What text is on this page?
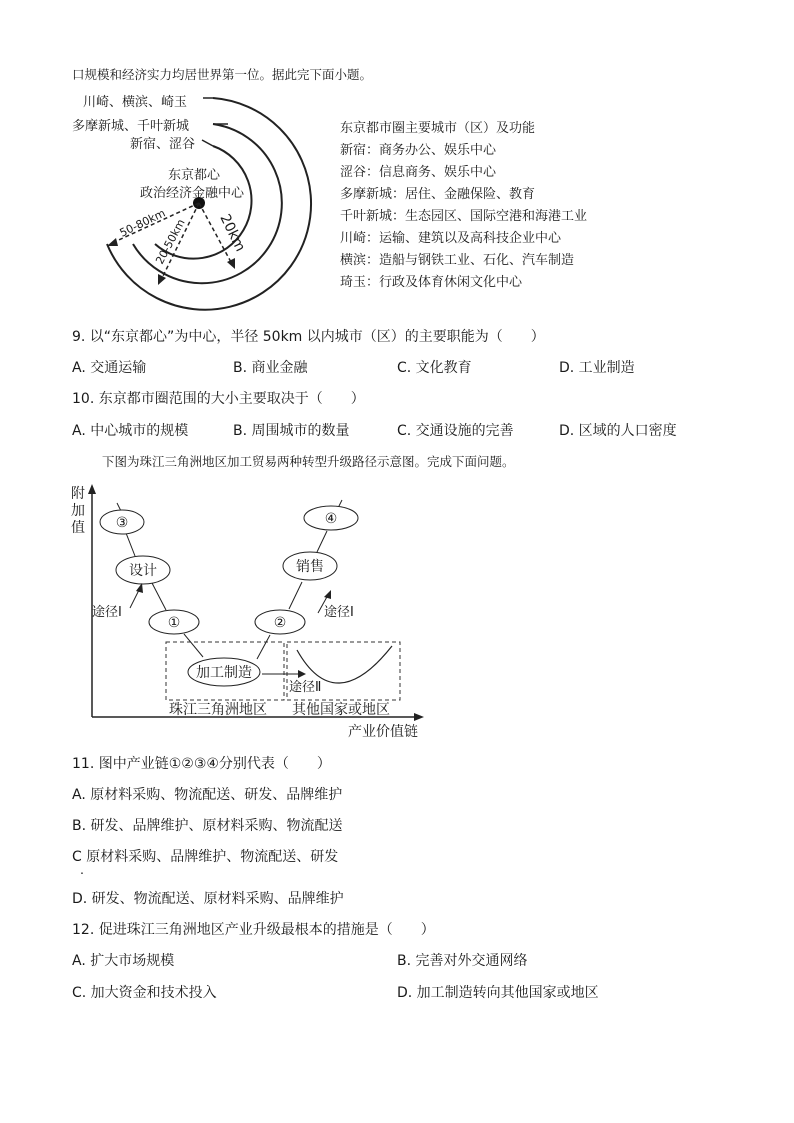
口规模和经济实力均居世界第一位。据此完下面小题。
50-80km
20-50km 20km
川崎、横滨、崎玉
多摩新城、千叶新城
新宿、涩谷
东京都心
政治经济金融中心
东京都市圈主要城市（区）及功能
新宿：商务办公、娱乐中心
涩谷：信息商务、娱乐中心
多摩新城：居住、金融保险、教育
千叶新城：生态园区、国际空港和海港工业
川崎：运输、建筑以及高科技企业中心
横滨：造船与钢铁工业、石化、汽车制造
琦玉：行政及体育休闲文化中心
9. 以“东京都心”为中心，半径 50km 以内城市（区）的主要职能为（　　）
A. 交通运输	B. 商业金融	C. 文化教育	D. 工业制造
10. 东京都市圈范围的大小主要取决于（　　）
A. 中心城市的规模	B. 周围城市的数量	C. 交通设施的完善	D. 区域的人口密度
下图为珠江三角洲地区加工贸易两种转型升级路径示意图。完成下面问题。
附
加
值
产业价值链
③
设计
①
加工制造
②
销售
④
途径Ⅰ	途径Ⅰ
途径Ⅱ
珠江三角洲地区 其他国家或地区
11. 图中产业链①②③④分别代表（　　）
A. 原材料采购、物流配送、研发、品牌维护
B. 研发、品牌维护、原材料采购、物流配送
C 原材料采购、品牌维护、物流配送、研发
.
D. 研发、物流配送、原材料采购、品牌维护
12. 促进珠江三角洲地区产业升级最根本的措施是（　　）
A. 扩大市场规模	B. 完善对外交通网络
C. 加大资金和技术投入	D. 加工制造转向其他国家或地区
